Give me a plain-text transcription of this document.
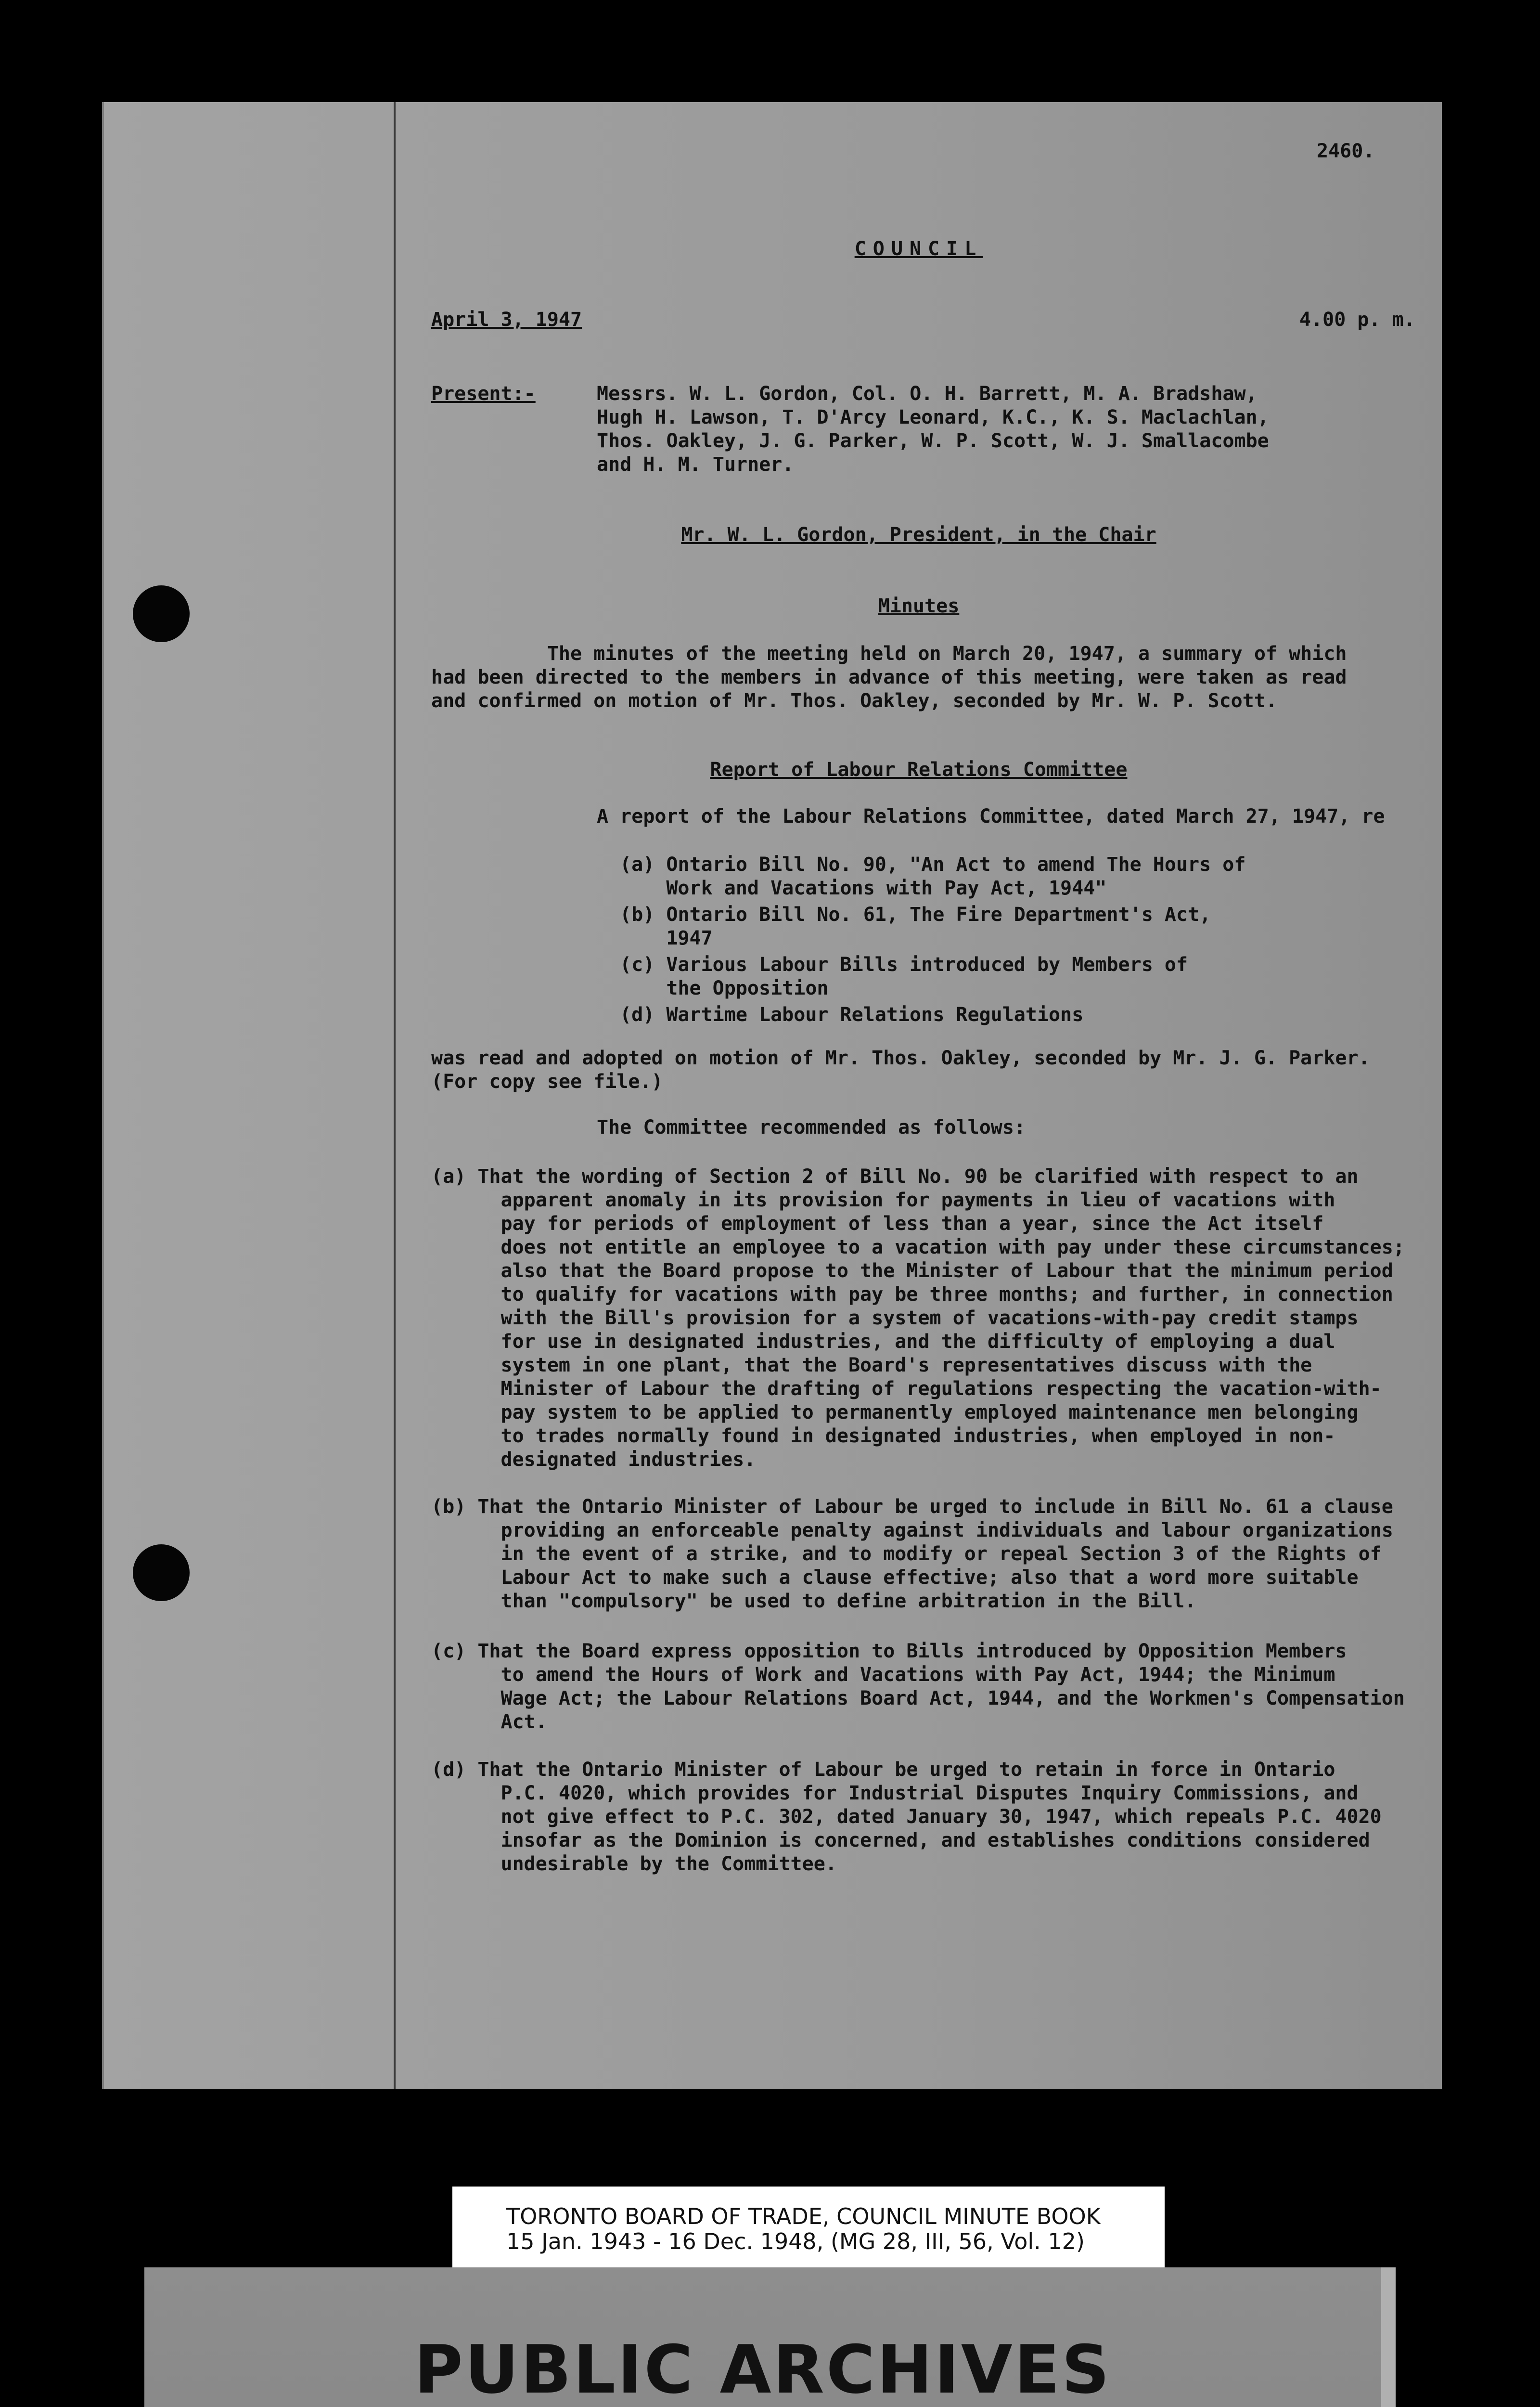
2460.
COUNCIL
April 3, 1947	4.00 p. m.
Present:-	Messrs. W. L. Gordon, Col. O. H. Barrett, M. A. Bradshaw,
Hugh H. Lawson, T. D'Arcy Leonard, K.C., K. S. Maclachlan,
Thos. Oakley, J. G. Parker, W. P. Scott, W. J. Smallacombe
and H. M. Turner.
Mr. W. L. Gordon, President, in the Chair
Minutes
The minutes of the meeting held on March 20, 1947, a summary of which
had been directed to the members in advance of this meeting, were taken as read
and confirmed on motion of Mr. Thos. Oakley, seconded by Mr. W. P. Scott.
Report of Labour Relations Committee
A report of the Labour Relations Committee, dated March 27, 1947, re
(a) Ontario Bill No. 90, "An Act to amend The Hours of
Work and Vacations with Pay Act, 1944"
(b) Ontario Bill No. 61, The Fire Department's Act,
1947
(c) Various Labour Bills introduced by Members of
the Opposition
(d) Wartime Labour Relations Regulations
was read and adopted on motion of Mr. Thos. Oakley, seconded by Mr. J. G. Parker.
(For copy see file.)
The Committee recommended as follows:
(a) That the wording of Section 2 of Bill No. 90 be clarified with respect to an
apparent anomaly in its provision for payments in lieu of vacations with
pay for periods of employment of less than a year, since the Act itself
does not entitle an employee to a vacation with pay under these circumstances;
also that the Board propose to the Minister of Labour that the minimum period
to qualify for vacations with pay be three months; and further, in connection
with the Bill's provision for a system of vacations-with-pay credit stamps
for use in designated industries, and the difficulty of employing a dual
system in one plant, that the Board's representatives discuss with the
Minister of Labour the drafting of regulations respecting the vacation-with-
pay system to be applied to permanently employed maintenance men belonging
to trades normally found in designated industries, when employed in non-
designated industries.
(b) That the Ontario Minister of Labour be urged to include in Bill No. 61 a clause
providing an enforceable penalty against individuals and labour organizations
in the event of a strike, and to modify or repeal Section 3 of the Rights of
Labour Act to make such a clause effective; also that a word more suitable
than "compulsory" be used to define arbitration in the Bill.
(c) That the Board express opposition to Bills introduced by Opposition Members
to amend the Hours of Work and Vacations with Pay Act, 1944; the Minimum
Wage Act; the Labour Relations Board Act, 1944, and the Workmen's Compensation
Act.
(d) That the Ontario Minister of Labour be urged to retain in force in Ontario
P.C. 4020, which provides for Industrial Disputes Inquiry Commissions, and
not give effect to P.C. 302, dated January 30, 1947, which repeals P.C. 4020
insofar as the Dominion is concerned, and establishes conditions considered
undesirable by the Committee.
TORONTO BOARD OF TRADE, COUNCIL MINUTE BOOK
15 Jan. 1943 - 16 Dec. 1948, (MG 28, III, 56, Vol. 12)
PUBLIC ARCHIVES
